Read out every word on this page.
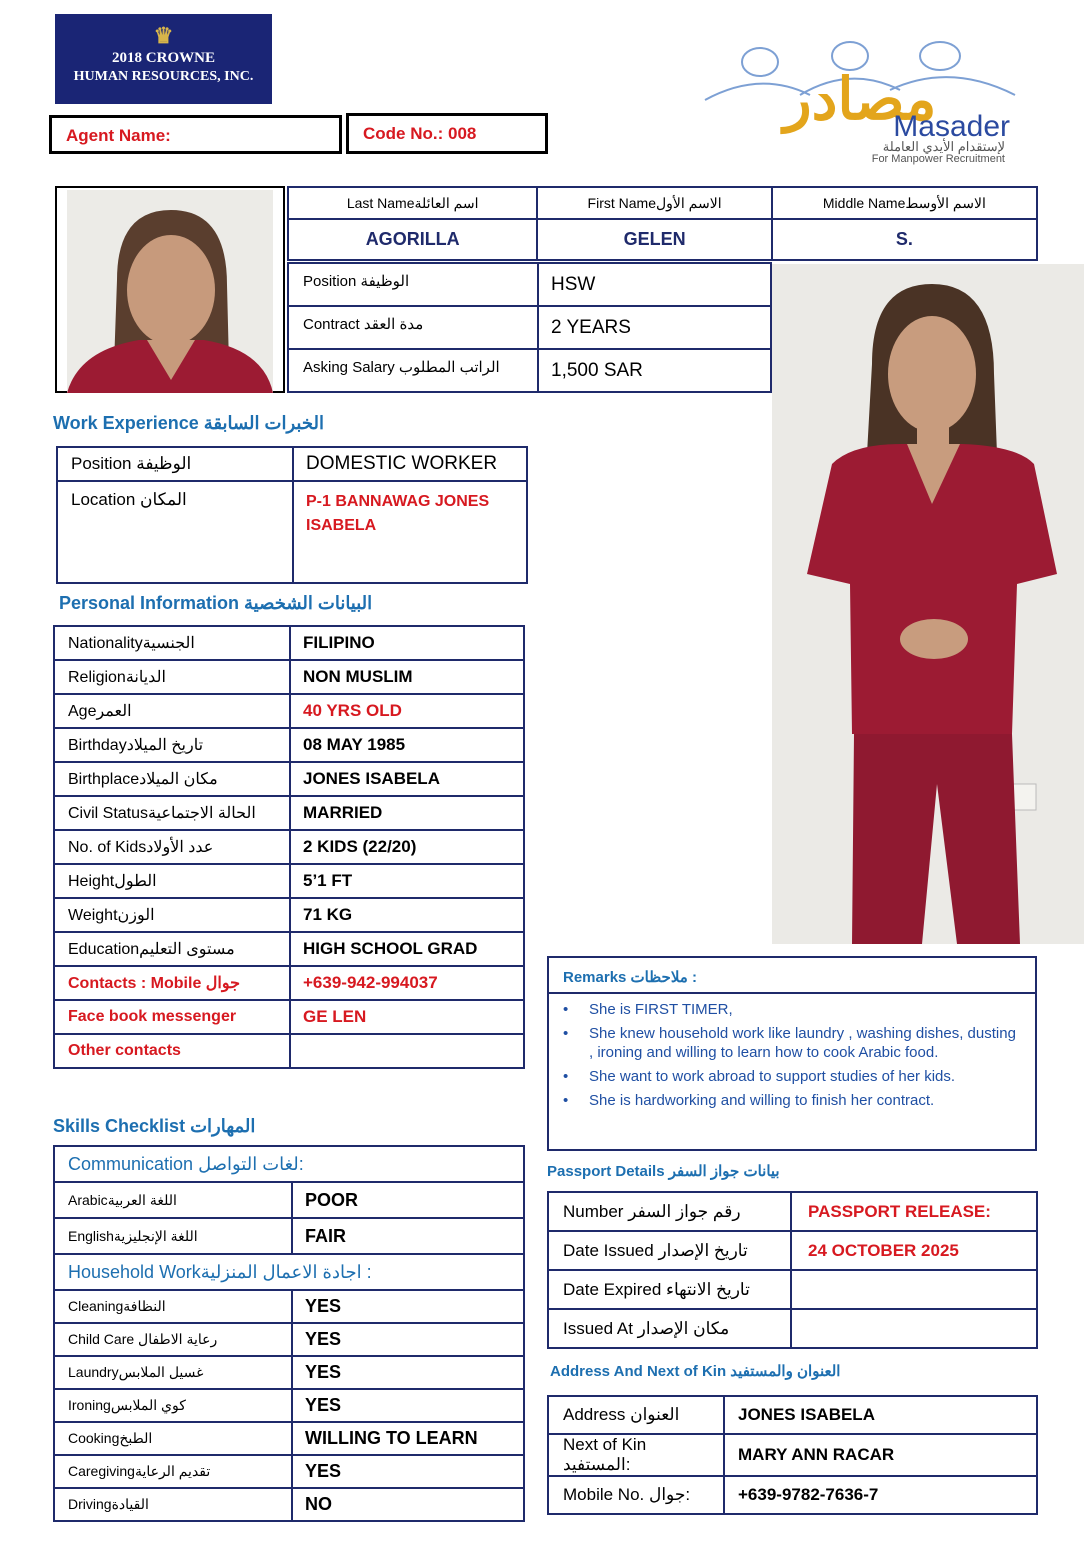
♛
2018 CROWNE
HUMAN RESOURCES, INC.	مصادر
Masader
لإستقدام الأيدي العاملة
For Manpower Recruitment
Agent Name:	Code No.: 008
Last Nameاسم العائلة	First Nameالاسم الأول	Middle Nameالاسم الأوسط
AGORILLA	GELEN	S.
Position الوظيفة	HSW
Contract مدة العقد	2 YEARS
Asking Salary الراتب المطلوب	1,500 SAR
Work Experience الخبرات السابقة
Position الوظيفة	DOMESTIC WORKER
Location المكان	P-1 BANNAWAG JONES ISABELA
Personal Information البيانات الشخصية
Nationalityالجنسية	FILIPINO
Religionالديانة	NON MUSLIM
Ageالعمر	40 YRS OLD
Birthdayتاريخ الميلاد	08 MAY 1985
Birthplaceمكان الميلاد	JONES ISABELA
Civil Statusالحالة الاجتماعية	MARRIED
No. of Kidsعدد الأولاد	2 KIDS (22/20)
Heightالطول	5’1 FT
Weightالوزن	71 KG
Educationمستوى التعليم	HIGH SCHOOL GRAD
Contacts : Mobile جوال	+639-942-994037
Face book messenger	GE LEN
Other contacts	
Remarks ملاحظات :
• She is FIRST TIMER,
• She knew household work like laundry , washing dishes, dusting , ironing and willing to learn how to cook Arabic food.
• She want to work abroad to support studies of her kids.
• She is hardworking and willing to finish her contract.
Skills Checklist المهارات
Communication لغات التواصل:	
Arabicاللغة العربية	POOR
Englishاللغة الإنجليزية	FAIR
Household Workاجادة الاعمال المنزلية :	
Cleaningالنظافة	YES
Child Care رعاية الاطفال	YES
Laundryغسيل الملابس	YES
Ironingكوي الملابس	YES
Cookingالطبخ	WILLING TO LEARN
Caregivingتقديم الرعاية	YES
Drivingالقيادة	NO
Passport Details بيانات جواز السفر
Number رقم جواز السفر	PASSPORT RELEASE:
Date Issued تاريخ الإصدار	24 OCTOBER 2025
Date Expired تاريخ الانتهاء	
Issued At مكان الإصدار	
Address And Next of Kin العنوان والمستفيد
Address العنوان	JONES ISABELA
Next of Kin المستفيد:	MARY ANN RACAR
Mobile No. جوال:	+639-9782-7636-7
